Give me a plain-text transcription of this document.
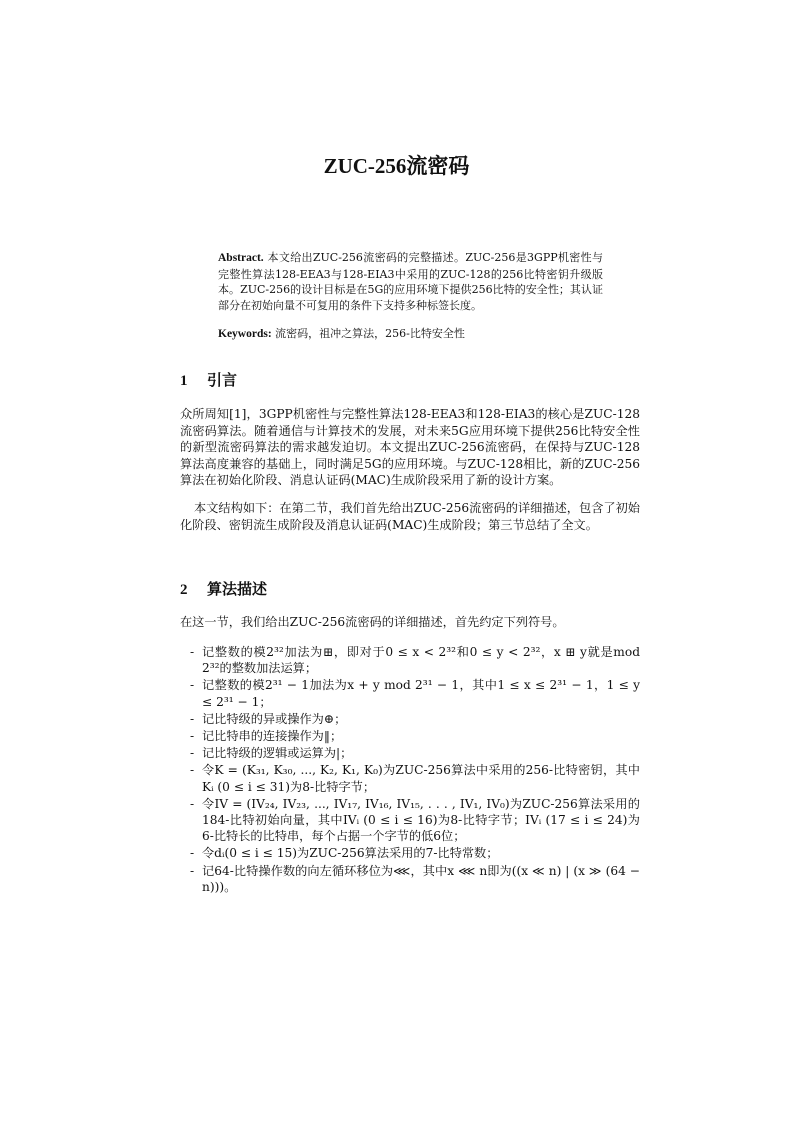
ZUC-256流密码
Abstract. 本文给出ZUC-256流密码的完整描述。ZUC-256是3GPP机密性与完整性算法128-EEA3与128-EIA3中采用的ZUC-128的256比特密钥升级版本。ZUC-256的设计目标是在5G的应用环境下提供256比特的安全性；其认证部分在初始向量不可复用的条件下支持多种标签长度。
Keywords: 流密码，祖冲之算法，256-比特安全性
1 引言
众所周知[1]，3GPP机密性与完整性算法128-EEA3和128-EIA3的核心是ZUC-128流密码算法。随着通信与计算技术的发展，对未来5G应用环境下提供256比特安全性的新型流密码算法的需求越发迫切。本文提出ZUC-256流密码，在保持与ZUC-128算法高度兼容的基础上，同时满足5G的应用环境。与ZUC-128相比，新的ZUC-256算法在初始化阶段、消息认证码(MAC)生成阶段采用了新的设计方案。
本文结构如下：在第二节，我们首先给出ZUC-256流密码的详细描述，包含了初始化阶段、密钥流生成阶段及消息认证码(MAC)生成阶段；第三节总结了全文。
2 算法描述
在这一节，我们给出ZUC-256流密码的详细描述，首先约定下列符号。
- 记整数的模2³²加法为⊞，即对于0 ≤ x < 2³²和0 ≤ y < 2³²，x ⊞ y就是mod 2³²的整数加法运算；
- 记整数的模2³¹ − 1加法为x + y mod 2³¹ − 1，其中1 ≤ x ≤ 2³¹ − 1，1 ≤ y ≤ 2³¹ − 1；
- 记比特级的异或操作为⊕；
- 记比特串的连接操作为‖；
- 记比特级的逻辑或运算为|；
- 令K = (K₃₁, K₃₀, ..., K₂, K₁, K₀)为ZUC-256算法中采用的256-比特密钥，其中Kᵢ (0 ≤ i ≤ 31)为8-比特字节；
- 令IV = (IV₂₄, IV₂₃, ..., IV₁₇, IV₁₆, IV₁₅, . . . , IV₁, IV₀)为ZUC-256算法采用的184-比特初始向量，其中IVᵢ (0 ≤ i ≤ 16)为8-比特字节；IVᵢ (17 ≤ i ≤ 24)为6-比特长的比特串，每个占据一个字节的低6位；
- 令dᵢ(0 ≤ i ≤ 15)为ZUC-256算法采用的7-比特常数；
- 记64-比特操作数的向左循环移位为⋘，其中x ⋘ n即为((x ≪ n) | (x ≫ (64 − n)))。
